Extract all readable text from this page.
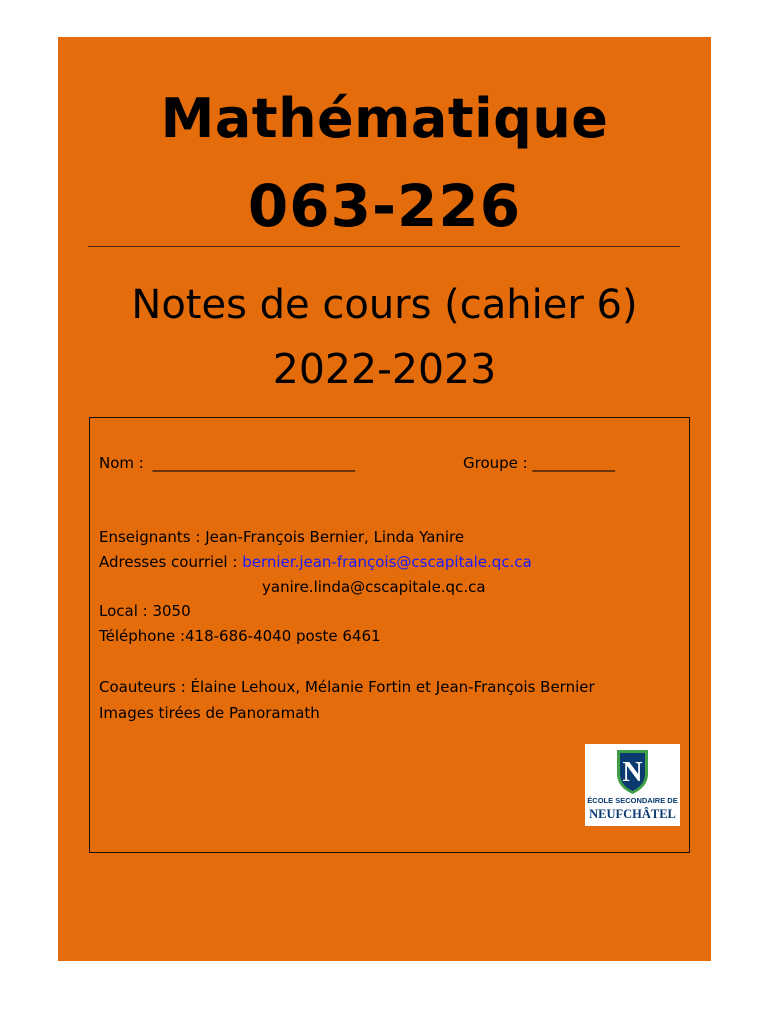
Mathématique
063-226
Notes de cours (cahier 6)
2022-2023
Nom : ___________________________	Groupe : ___________
Enseignants : Jean-François Bernier, Linda Yanire
Adresses courriel : bernier.jean-françois@cscapitale.qc.ca
yanire.linda@cscapitale.qc.ca
Local : 3050
Téléphone :418-686-4040 poste 6461
Coauteurs : Élaine Lehoux, Mélanie Fortin et Jean-François Bernier
Images tirées de Panoramath
N
ÉCOLE SECONDAIRE DE
NEUFCHÂTEL
